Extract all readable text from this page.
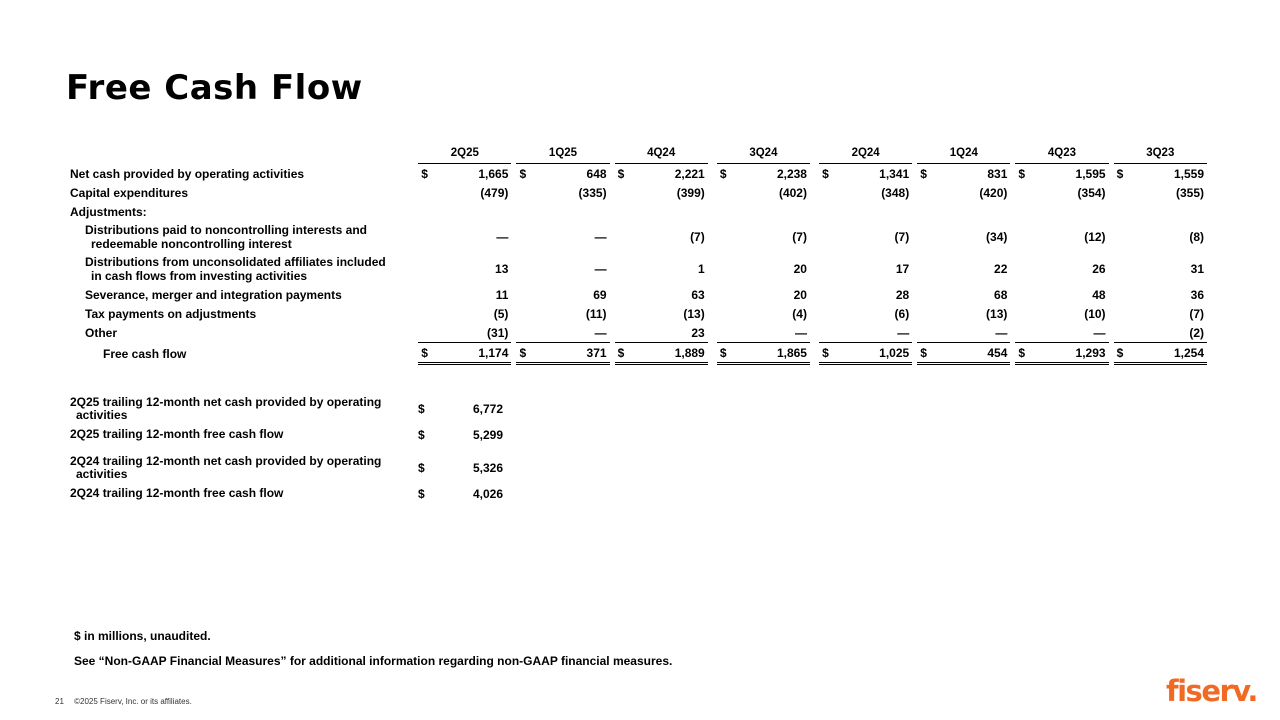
Free Cash Flow
		2Q25			1Q25			4Q24			3Q24			2Q24			1Q24			4Q23			3Q23	
Net cash provided by operating activities		$	1,665		$	648		$	2,221		$	2,238		$	1,341		$	831		$	1,595		$	1,559
Capital expenditures			(479)			(335)			(399)			(402)			(348)			(420)			(354)			(355)
Adjustments:																								
Distributions paid to noncontrolling interests and
redeemable noncontrolling interest			—			—			(7)			(7)			(7)			(34)			(12)			(8)
Distributions from unconsolidated affiliates included
in cash flows from investing activities			13			—			1			20			17			22			26			31
Severance, merger and integration payments			11			69			63			20			28			68			48			36
Tax payments on adjustments			(5)			(11)			(13)			(4)			(6)			(13)			(10)			(7)
Other			(31)			—			23			—			—			—			—			(2)
Free cash flow		$	1,174		$	371		$	1,889		$	1,865		$	1,025		$	454		$	1,293		$	1,254
2Q25 trailing 12-month net cash provided by operating
activities	$	6,772
2Q25 trailing 12-month free cash flow	$	5,299

2Q24 trailing 12-month net cash provided by operating
activities	$	5,326
2Q24 trailing 12-month free cash flow	$	4,026
$ in millions, unaudited.
See “Non-GAAP Financial Measures” for additional information regarding non-GAAP financial measures.
21 ©2025 Fiserv, Inc. or its affiliates.	fiserv.
